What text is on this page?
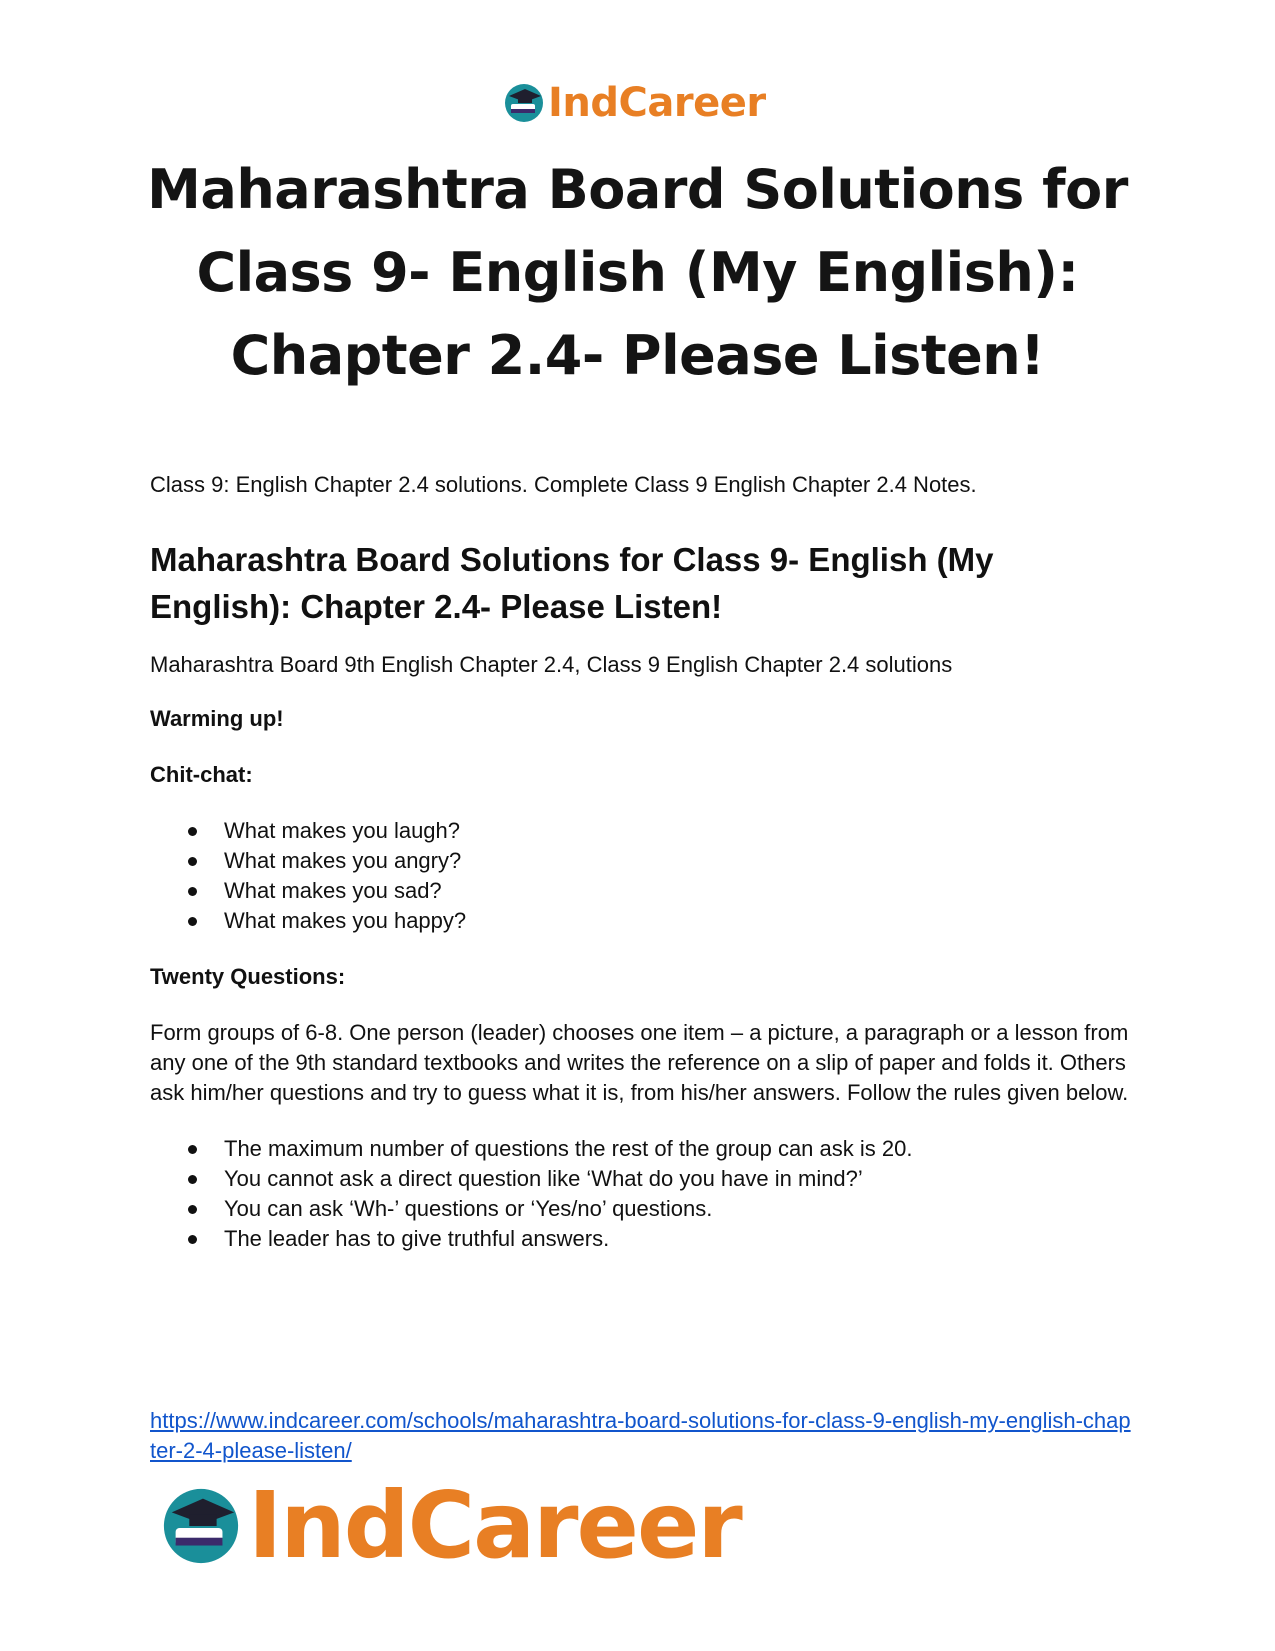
IndCareer
Maharashtra Board Solutions for
Class 9- English (My English):
Chapter 2.4- Please Listen!

Class 9: English Chapter 2.4 solutions. Complete Class 9 English Chapter 2.4 Notes.

Maharashtra Board Solutions for Class 9- English (My English): Chapter 2.4- Please Listen!

Maharashtra Board 9th English Chapter 2.4, Class 9 English Chapter 2.4 solutions

Warming up!

Chit-chat:

What makes you laugh?
What makes you angry?
What makes you sad?
What makes you happy?

Twenty Questions:

Form groups of 6-8. One person (leader) chooses one item – a picture, a paragraph or a lesson from any one of the 9th standard textbooks and writes the reference on a slip of paper and folds it. Others ask him/her questions and try to guess what it is, from his/her answers. Follow the rules given below.

The maximum number of questions the rest of the group can ask is 20.
You cannot ask a direct question like ‘What do you have in mind?’
You can ask ‘Wh-’ questions or ‘Yes/no’ questions.
The leader has to give truthful answers.
https://www.indcareer.com/schools/maharashtra-board-solutions-for-class-9-english-my-english-chapter-2-4-please-listen/
IndCareer
